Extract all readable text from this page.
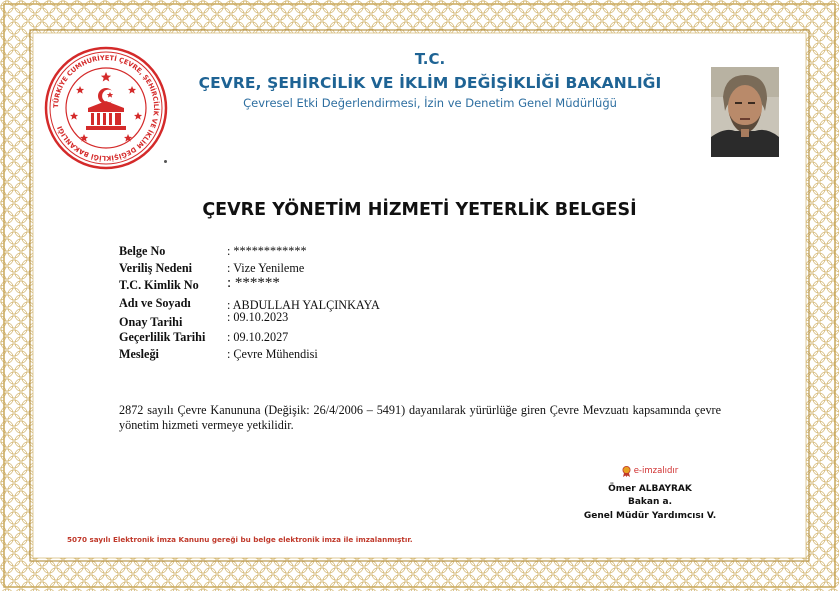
TÜRKİYE CUMHURİYETİ ÇEVRE, ŞEHİRCİLİK VE İKLİM DEĞİŞİKLİĞİ BAKANLIĞI
T.C.
ÇEVRE, ŞEHİRCİLİK VE İKLİM DEĞİŞİKLİĞİ BAKANLIĞI
Çevresel Etki Değerlendirmesi, İzin ve Denetim Genel Müdürlüğü
ÇEVRE YÖNETİM HİZMETİ YETERLİK BELGESİ
Belge No	: ************
Veriliş Nedeni	: Vize Yenileme
T.C. Kimlik No : ******
Adı ve Soyadı	: ABDULLAH YALÇINKAYA
Onay Tarihi	: 09.10.2023
Geçerlilik Tarihi : 09.10.2027
Mesleği	: Çevre Mühendisi
2872 sayılı Çevre Kanununa (Değişik: 26/4/2006 – 5491) dayanılarak yürürlüğe giren Çevre Mevzuatı kapsamında çevre yönetim hizmeti vermeye yetkilidir.
e-imzalıdır
Ömer ALBAYRAK
Bakan a.
Genel Müdür Yardımcısı V.
5070 sayılı Elektronik İmza Kanunu gereği bu belge elektronik imza ile imzalanmıştır.
